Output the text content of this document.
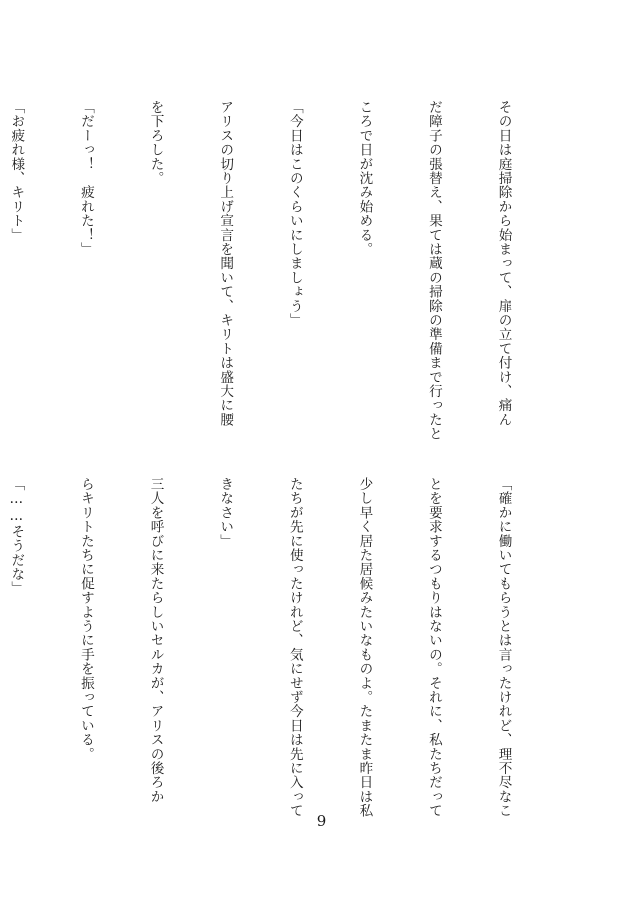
その日は庭掃除から始まって、扉の立て付け、痛ん

だ障子の張替え、果ては蔵の掃除の準備まで行ったと

ころで日が沈み始める。

「今日はこのくらいにしましょう」

アリスの切り上げ宣言を聞いて、キリトは盛大に腰

を下ろした。

「だーっ！　疲れた！」

「お疲れ様、キリト」

「確かに働いてもらうとは言ったけれど、理不尽なこ

とを要求するつもりはないの。それに、私たちだって

少し早く居た居候みたいなものよ。たまたま昨日は私

たちが先に使ったけれど、気にせず今日は先に入って

きなさい」

三人を呼びに来たらしいセルカが、アリスの後ろか

らキリトたちに促すように手を振っている。

「……そうだな」

9
